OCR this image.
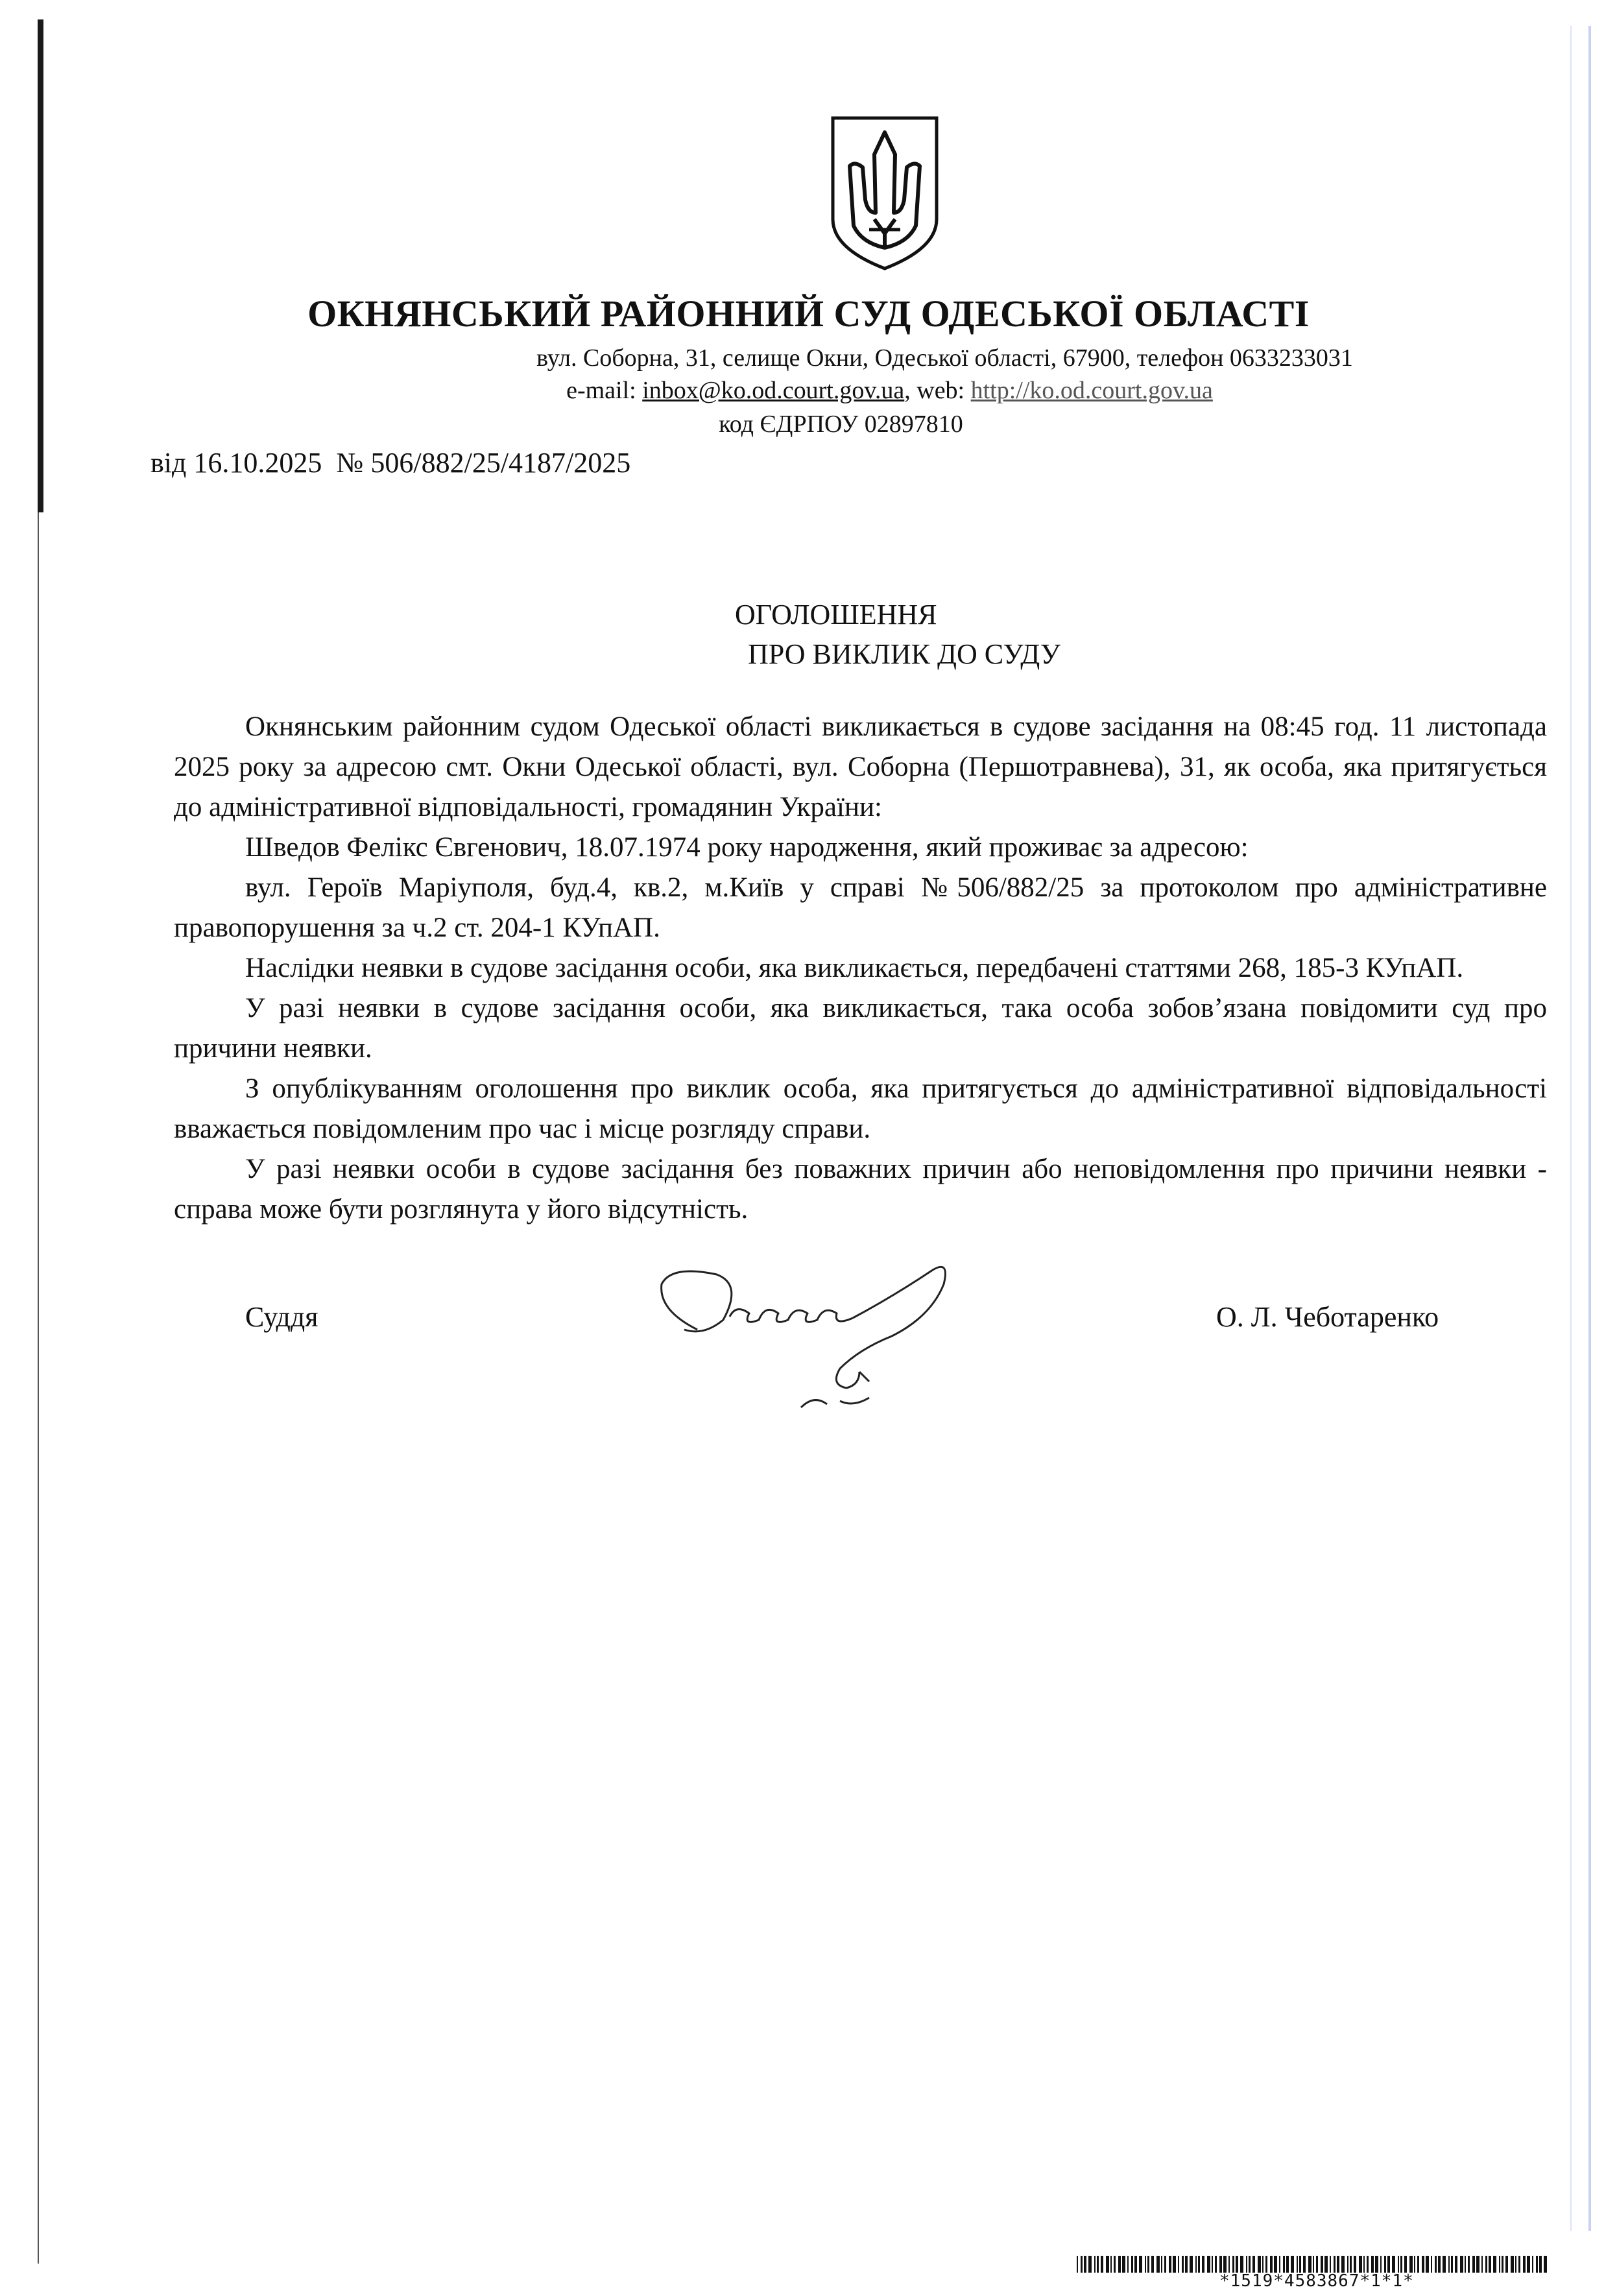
ОКНЯНСЬКИЙ РАЙОННИЙ СУД ОДЕСЬКОЇ ОБЛАСТІ
вул. Соборна, 31, селище Окни, Одеської області, 67900, телефон 0633233031
e-mail: inbox@ko.od.court.gov.ua, web: http://ko.od.court.gov.ua
код ЄДРПОУ 02897810
від 16.10.2025 № 506/882/25/4187/2025
ОГОЛОШЕННЯ
ПРО ВИКЛИК ДО СУДУ

Окнянським районним судом Одеської області викликається в судове засідання на 08:45 год. 11 листопада 2025 року за адресою смт. Окни Одеської області, вул. Соборна (Першотравнева), 31, як особа, яка притягується до адміністративної відповідальності, громадянин України:

Шведов Фелікс Євгенович, 18.07.1974 року народження, який проживає за адресою:

вул. Героїв Маріуполя, буд.4, кв.2, м.Київ у справі №506/882/25 за протоколом про адміністративне правопорушення за ч.2 ст. 204-1 КУпАП.

Наслідки неявки в судове засідання особи, яка викликається, передбачені статтями 268, 185-3 КУпАП.

У разі неявки в судове засідання особи, яка викликається, така особа зобов’язана повідомити суд про причини неявки.

З опублікуванням оголошення про виклик особа, яка притягується до адміністративної відповідальності вважається повідомленим про час і місце розгляду справи.

У разі неявки особи в судове засідання без поважних причин або неповідомлення про причини неявки - справа може бути розглянута у його відсутність.

Суддя	О. Л. Чеботаренко
*1519*4583867*1*1*
